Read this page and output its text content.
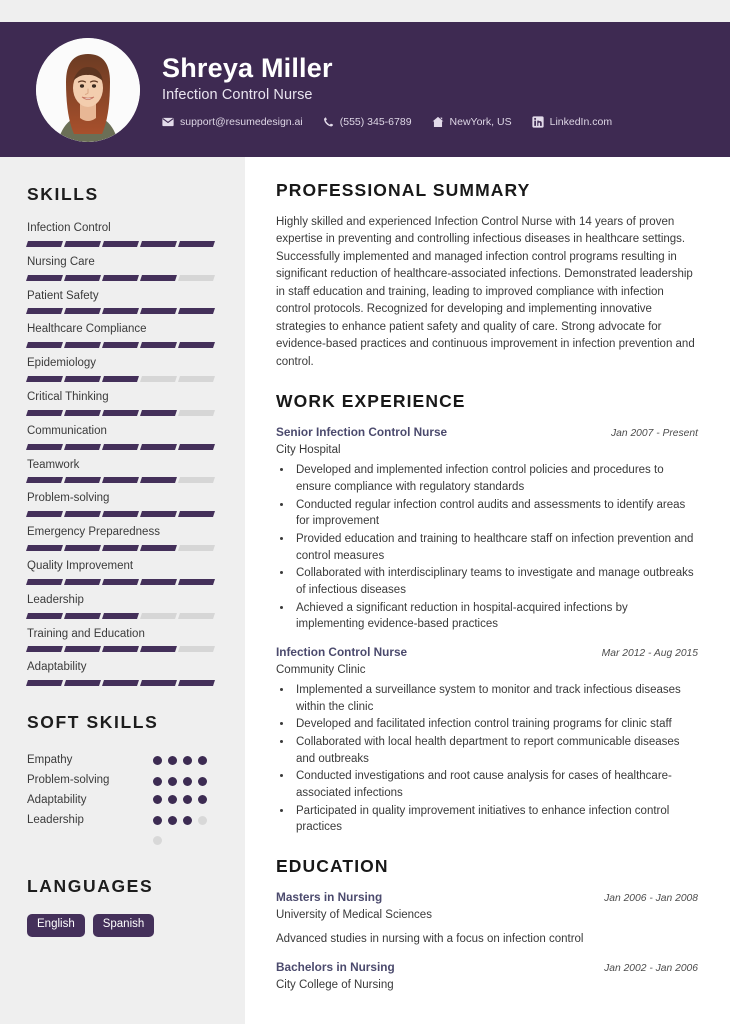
Shreya Miller
Infection Control Nurse
support@resumedesign.ai	(555) 345-6789	NewYork, US	LinkedIn.com
SKILLS
Infection Control
Nursing Care
Patient Safety
Healthcare Compliance
Epidemiology
Critical Thinking
Communication
Teamwork
Problem-solving
Emergency Preparedness
Quality Improvement
Leadership
Training and Education
Adaptability
SOFT SKILLS
Empathy
Problem-solving
Adaptability
Leadership
LANGUAGES
English	Spanish
PROFESSIONAL SUMMARY
Highly skilled and experienced Infection Control Nurse with 14 years of proven expertise in preventing and controlling infectious diseases in healthcare settings. Successfully implemented and managed infection control programs resulting in significant reduction of healthcare-associated infections. Demonstrated leadership in staff education and training, leading to improved compliance with infection control protocols. Recognized for developing and implementing innovative strategies to enhance patient safety and quality of care. Strong advocate for evidence-based practices and continuous improvement in infection prevention and control.
WORK EXPERIENCE
Senior Infection Control Nurse	Jan 2007 - Present
City Hospital
• Developed and implemented infection control policies and procedures to ensure compliance with regulatory standards
• Conducted regular infection control audits and assessments to identify areas for improvement
• Provided education and training to healthcare staff on infection prevention and control measures
• Collaborated with interdisciplinary teams to investigate and manage outbreaks of infectious diseases
• Achieved a significant reduction in hospital-acquired infections by implementing evidence-based practices
Infection Control Nurse	Mar 2012 - Aug 2015
Community Clinic
• Implemented a surveillance system to monitor and track infectious diseases within the clinic
• Developed and facilitated infection control training programs for clinic staff
• Collaborated with local health department to report communicable diseases and outbreaks
• Conducted investigations and root cause analysis for cases of healthcare-associated infections
• Participated in quality improvement initiatives to enhance infection control practices
EDUCATION
Masters in Nursing	Jan 2006 - Jan 2008
University of Medical Sciences
Advanced studies in nursing with a focus on infection control
Bachelors in Nursing	Jan 2002 - Jan 2006
City College of Nursing
